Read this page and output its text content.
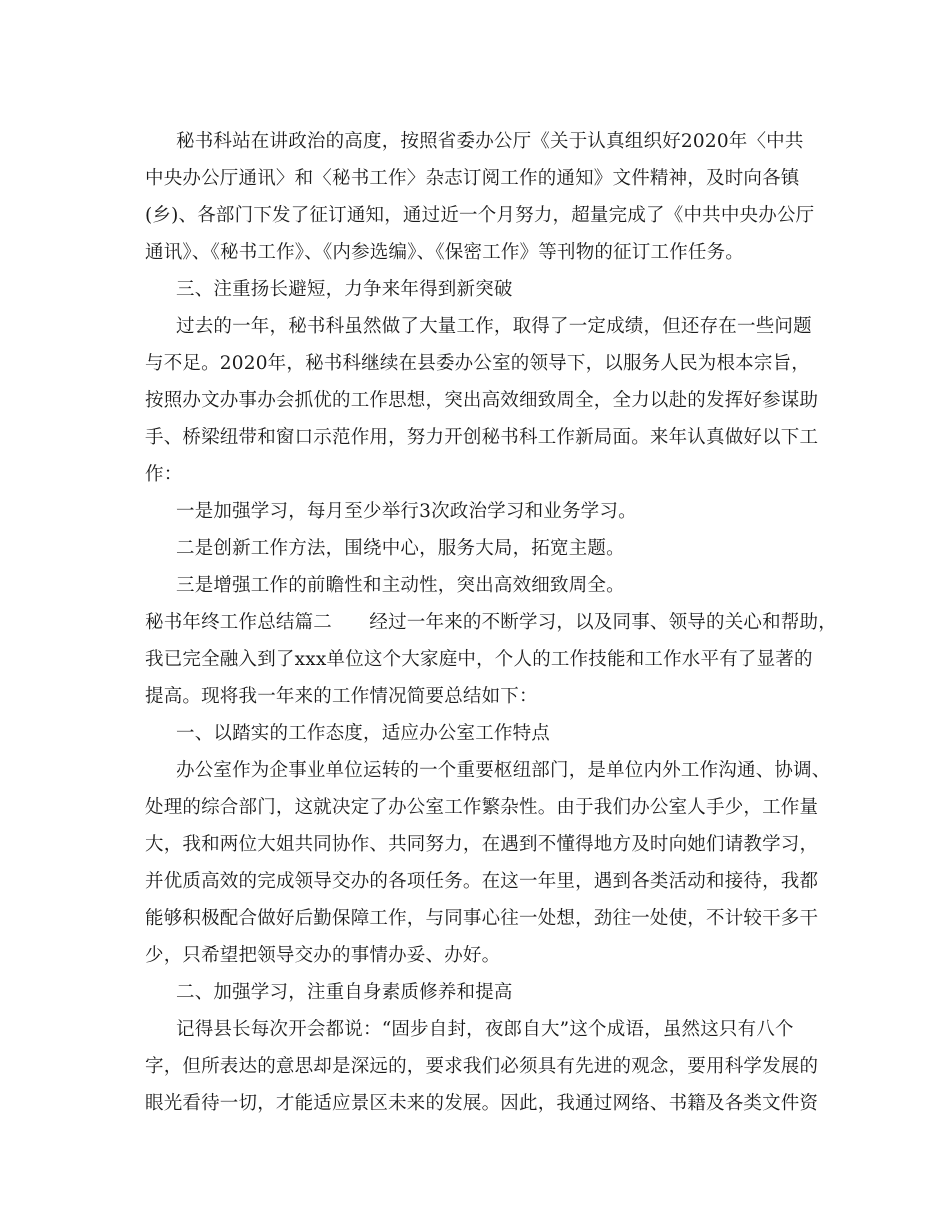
秘书科站在讲政治的高度，按照省委办公厅《关于认真组织好2020年〈中共
中央办公厅通讯〉和〈秘书工作〉杂志订阅工作的通知》文件精神，及时向各镇
(乡)、各部门下发了征订通知，通过近一个月努力，超量完成了《中共中央办公厅
通讯》、《秘书工作》、《内参选编》、《保密工作》等刊物的征订工作任务。
三、注重扬长避短，力争来年得到新突破
过去的一年，秘书科虽然做了大量工作，取得了一定成绩，但还存在一些问题
与不足。2020年，秘书科继续在县委办公室的领导下，以服务人民为根本宗旨，
按照办文办事办会抓优的工作思想，突出高效细致周全，全力以赴的发挥好参谋助
手、桥梁纽带和窗口示范作用，努力开创秘书科工作新局面。来年认真做好以下工
作：
一是加强学习，每月至少举行3次政治学习和业务学习。
二是创新工作方法，围绕中心，服务大局，拓宽主题。
三是增强工作的前瞻性和主动性，突出高效细致周全。
秘书年终工作总结篇二　　经过一年来的不断学习，以及同事、领导的关心和帮助，
我已完全融入到了xxx单位这个大家庭中，个人的工作技能和工作水平有了显著的
提高。现将我一年来的工作情况简要总结如下：
一、以踏实的工作态度，适应办公室工作特点
办公室作为企事业单位运转的一个重要枢纽部门，是单位内外工作沟通、协调、
处理的综合部门，这就决定了办公室工作繁杂性。由于我们办公室人手少，工作量
大，我和两位大姐共同协作、共同努力，在遇到不懂得地方及时向她们请教学习，
并优质高效的完成领导交办的各项任务。在这一年里，遇到各类活动和接待，我都
能够积极配合做好后勤保障工作，与同事心往一处想，劲往一处使，不计较干多干
少，只希望把领导交办的事情办妥、办好。
二、加强学习，注重自身素质修养和提高
记得县长每次开会都说：“固步自封，夜郎自大”这个成语，虽然这只有八个
字，但所表达的意思却是深远的，要求我们必须具有先进的观念，要用科学发展的
眼光看待一切，才能适应景区未来的发展。因此，我通过网络、书籍及各类文件资
